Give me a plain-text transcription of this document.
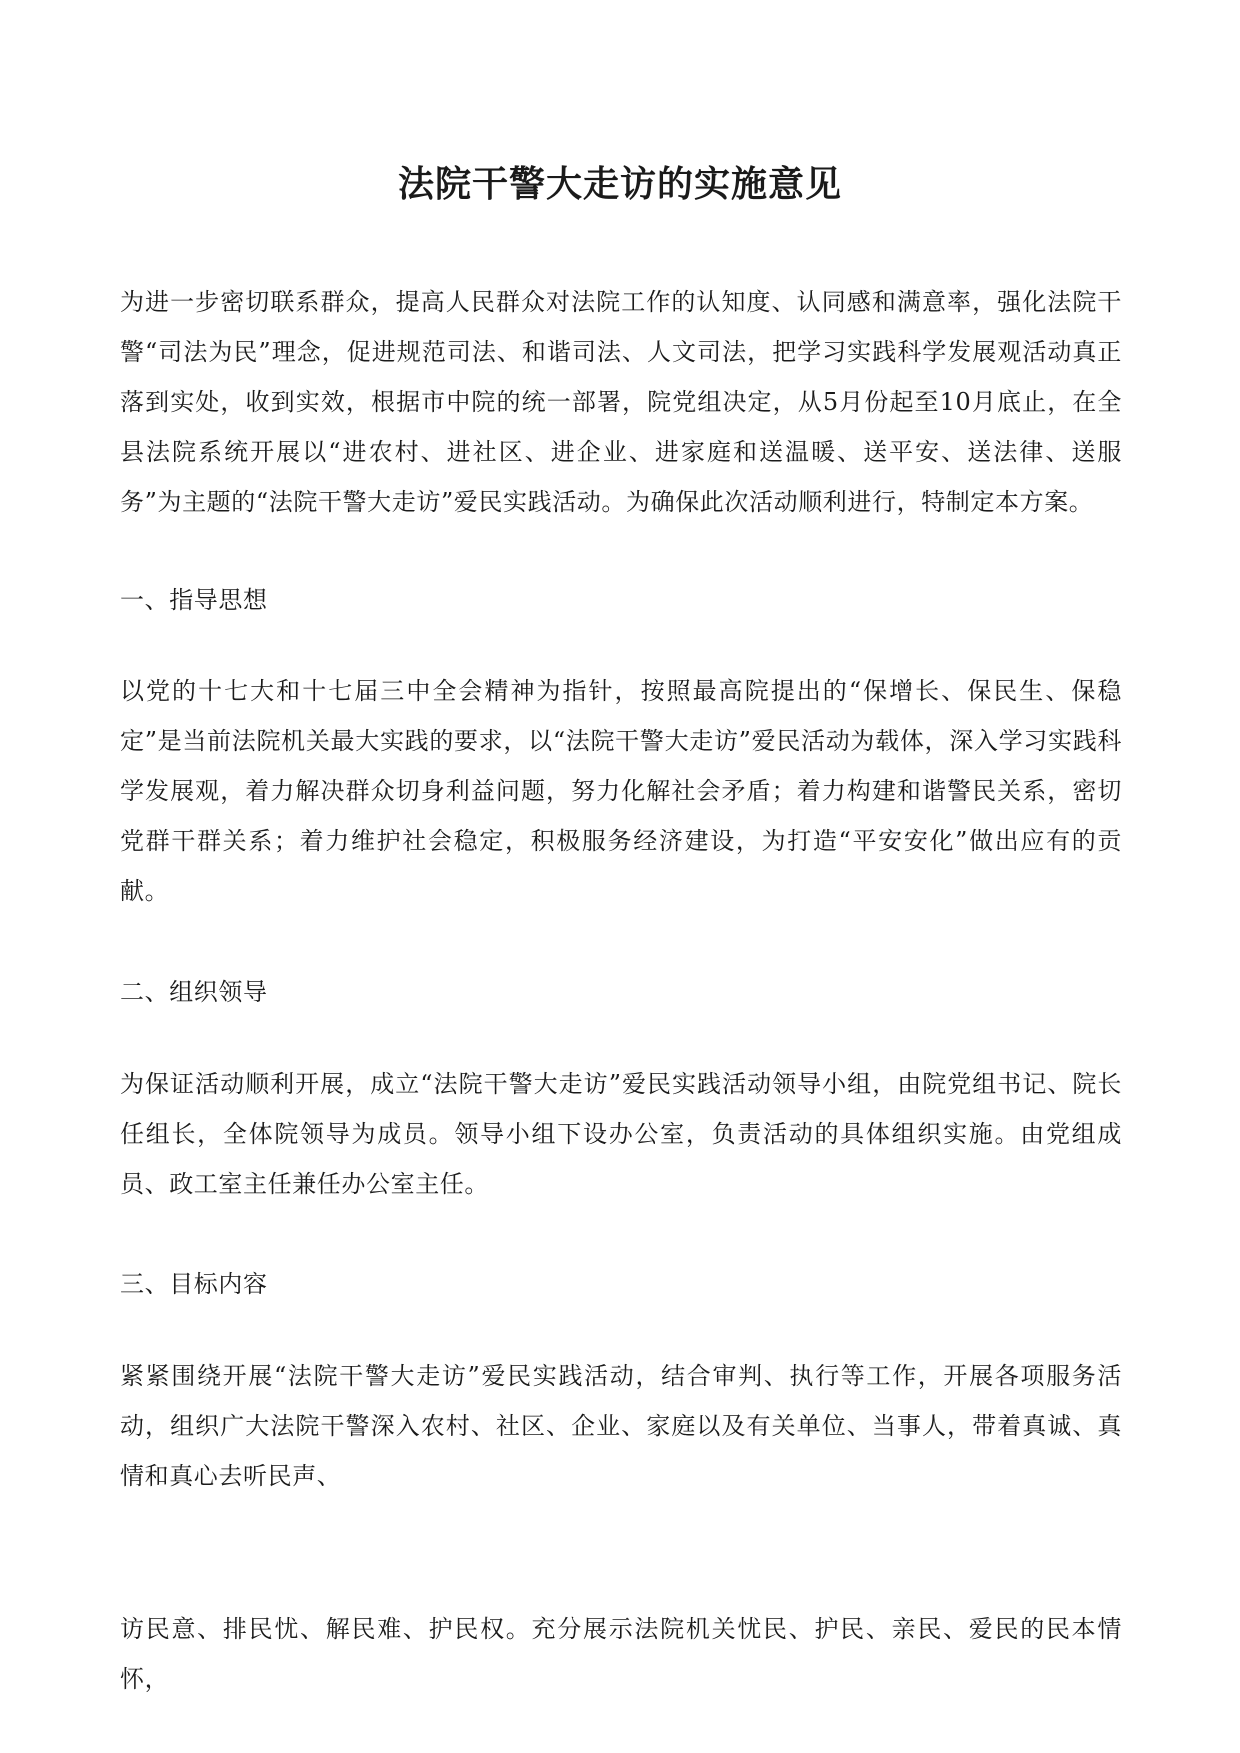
法院干警大走访的实施意见

为进一步密切联系群众，提高人民群众对法院工作的认知度、认同感和满意率，强化法院干警“司法为民”理念，促进规范司法、和谐司法、人文司法，把学习实践科学发展观活动真正落到实处，收到实效，根据市中院的统一部署，院党组决定，从5月份起至10月底止，在全县法院系统开展以“进农村、进社区、进企业、进家庭和送温暖、送平安、送法律、送服务”为主题的“法院干警大走访”爱民实践活动。为确保此次活动顺利进行，特制定本方案。

一、指导思想

以党的十七大和十七届三中全会精神为指针，按照最高院提出的“保增长、保民生、保稳定”是当前法院机关最大实践的要求，以“法院干警大走访”爱民活动为载体，深入学习实践科学发展观，着力解决群众切身利益问题，努力化解社会矛盾；着力构建和谐警民关系，密切党群干群关系；着力维护社会稳定，积极服务经济建设，为打造“平安安化”做出应有的贡献。

二、组织领导

为保证活动顺利开展，成立“法院干警大走访”爱民实践活动领导小组，由院党组书记、院长任组长，全体院领导为成员。领导小组下设办公室，负责活动的具体组织实施。由党组成员、政工室主任兼任办公室主任。

三、目标内容

紧紧围绕开展“法院干警大走访”爱民实践活动，结合审判、执行等工作，开展各项服务活动，组织广大法院干警深入农村、社区、企业、家庭以及有关单位、当事人，带着真诚、真情和真心去听民声、

访民意、排民忧、解民难、护民权。充分展示法院机关忧民、护民、亲民、爱民的民本情怀，
